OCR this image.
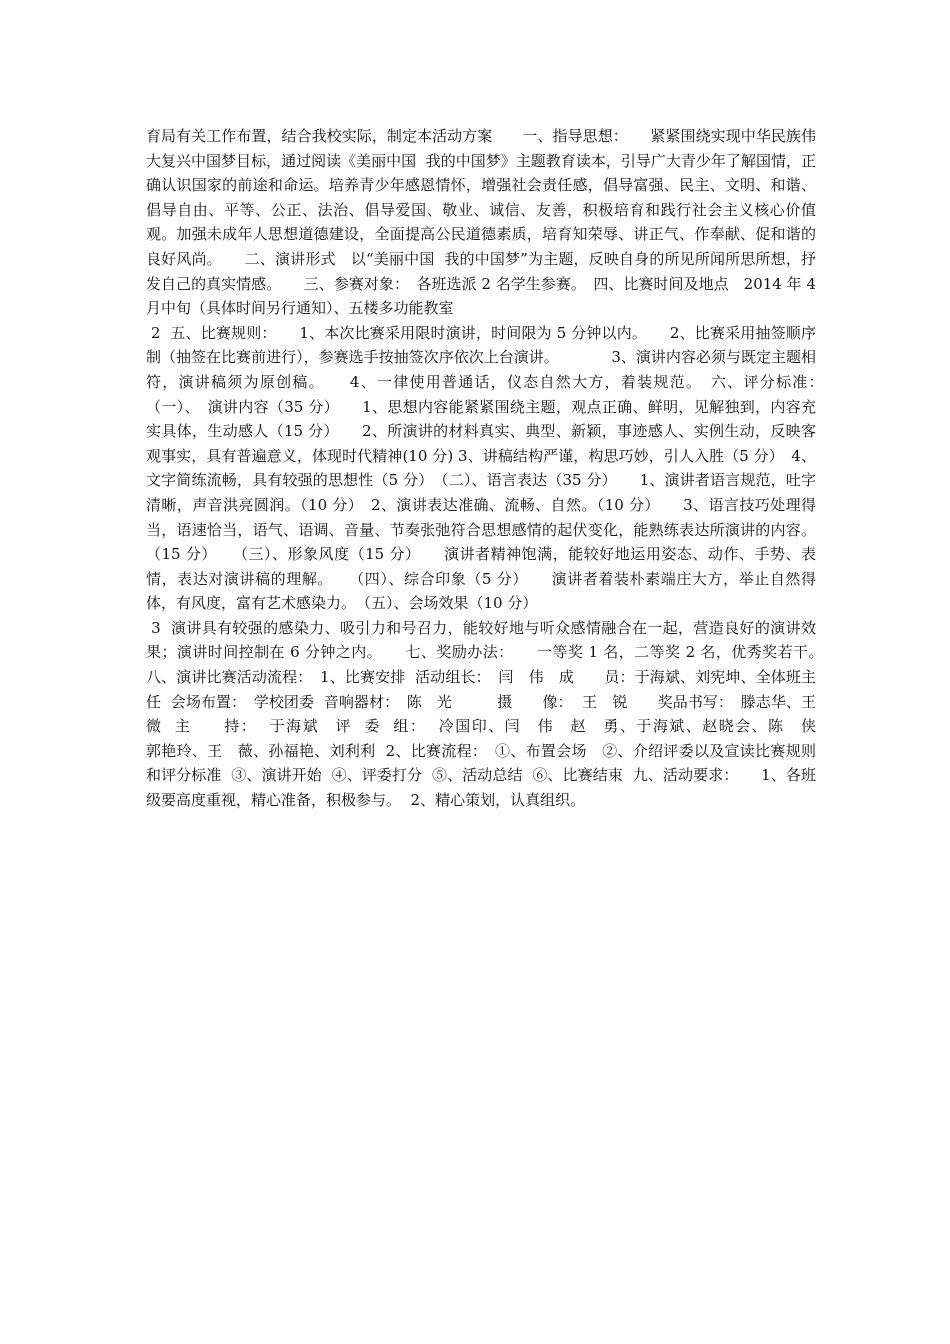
育局有关工作布置，结合我校实际，制定本活动方案　　一、指导思想：　　紧紧围绕实现中华民族伟大复兴中国梦目标，通过阅读《美丽中国  我的中国梦》主题教育读本，引导广大青少年了解国情，正确认识国家的前途和命运。培养青少年感恩情怀，增强社会责任感，倡导富强、民主、文明、和谐、倡导自由、平等、公正、法治、倡导爱国、敬业、诚信、友善，积极培育和践行社会主义核心价值观。加强未成年人思想道德建设，全面提高公民道德素质，培育知荣辱、讲正气、作奉献、促和谐的良好风尚。　　二、演讲形式　以“美丽中国  我的中国梦”为主题，反映自身的所见所闻所思所想，抒发自己的真实情感。　　三、参赛对象：　各班选派 2 名学生参赛。　四、比赛时间及地点　2014 年 4 月中旬（具体时间另行通知）、五楼多功能教室

2  五、比赛规则：　　1、本次比赛采用限时演讲，时间限为 5 分钟以内。　　2、比赛采用抽签顺序制（抽签在比赛前进行），参赛选手按抽签次序依次上台演讲。　　　　3、演讲内容必须与既定主题相符，演讲稿须为原创稿。　　4、一律使用普通话，仪态自然大方，着装规范。　六、评分标准：　　（一）、　演讲内容（35 分）　　1、思想内容能紧紧围绕主题，观点正确、鲜明，见解独到，内容充实具体，生动感人（15 分）　　2、所演讲的材料真实、典型、新颖，事迹感人、实例生动，反映客观事实，具有普遍意义，体现时代精神(10 分) 3、讲稿结构严谨，构思巧妙，引人入胜（5 分）　4、文字简练流畅，具有较强的思想性（5 分）　（二）、语言表达（35 分）　　1、演讲者语言规范，吐字清晰，声音洪亮圆润。（10 分）　2、演讲表达准确、流畅、自然。（10 分）　　3、语言技巧处理得当，语速恰当，语气、语调、音量、节奏张弛符合思想感情的起伏变化，能熟练表达所演讲的内容。（15 分）　　（三）、形象风度（15 分）　　演讲者精神饱满，能较好地运用姿态、动作、手势、表情，表达对演讲稿的理解。　　（四）、综合印象（5 分）　　演讲者着装朴素端庄大方，举止自然得体，有风度，富有艺术感染力。　（五）、会场效果（10 分）

3  演讲具有较强的感染力、吸引力和号召力，能较好地与听众感情融合在一起，营造良好的演讲效果；演讲时间控制在 6 分钟之内。　　七、奖励办法：　　一等奖 1 名，二等奖 2 名，优秀奖若干。　八、演讲比赛活动流程：　1、比赛安排  活动组长：　闫　伟　成　　员：于海斌、刘宪坤、全体班主任  会场布置：　学校团委  音响器材：　陈　光　　　摄　　像：  王　锐　　奖品书写：　滕志华、王微  主　　持：  于海斌　评  委  组：  冷国印、闫　伟　赵　勇、于海斌、赵晓会、陈　侠　　　　　　　郭艳玲、王　薇、孙福艳、刘利利  2、比赛流程：　①、布置会场　②、介绍评委以及宣读比赛规则和评分标准  ③、演讲开始  ④、评委打分  ⑤、活动总结  ⑥、比赛结束  九、活动要求：　　1、各班级要高度重视，精心准备，积极参与。  2、精心策划，认真组织。
